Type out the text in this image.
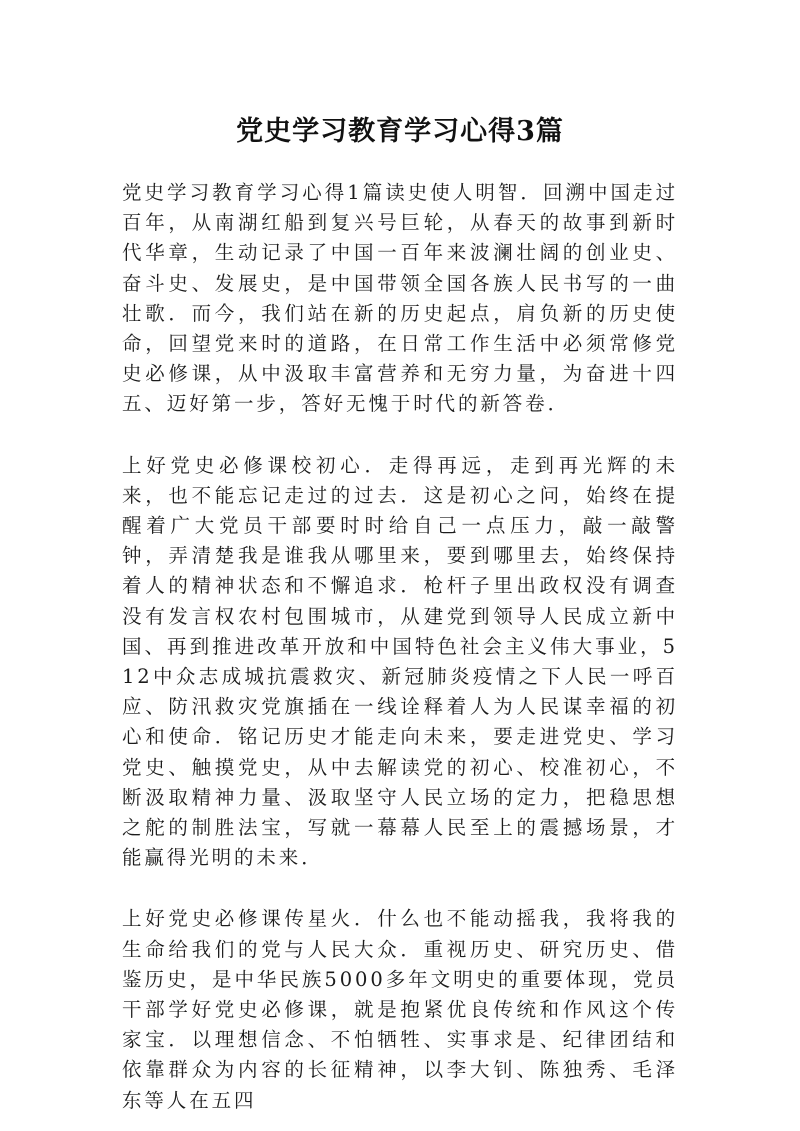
党史学习教育学习心得3篇

党史学习教育学习心得1篇读史使人明智．回溯中国走过百年，从南湖红船到复兴号巨轮，从春天的故事到新时代华章，生动记录了中国一百年来波澜壮阔的创业史、奋斗史、发展史，是中国带领全国各族人民书写的一曲壮歌．而今，我们站在新的历史起点，肩负新的历史使命，回望党来时的道路，在日常工作生活中必须常修党史必修课，从中汲取丰富营养和无穷力量，为奋进十四五、迈好第一步，答好无愧于时代的新答卷．

上好党史必修课校初心．走得再远，走到再光辉的未来，也不能忘记走过的过去．这是初心之问，始终在提醒着广大党员干部要时时给自己一点压力，敲一敲警钟，弄清楚我是谁我从哪里来，要到哪里去，始终保持着人的精神状态和不懈追求．枪杆子里出政权没有调查没有发言权农村包围城市，从建党到领导人民成立新中国、再到推进改革开放和中国特色社会主义伟大事业，512中众志成城抗震救灾、新冠肺炎疫情之下人民一呼百应、防汛救灾党旗插在一线诠释着人为人民谋幸福的初心和使命．铭记历史才能走向未来，要走进党史、学习党史、触摸党史，从中去解读党的初心、校准初心，不断汲取精神力量、汲取坚守人民立场的定力，把稳思想之舵的制胜法宝，写就一幕幕人民至上的震撼场景，才能赢得光明的未来．

上好党史必修课传星火．什么也不能动摇我，我将我的生命给我们的党与人民大众．重视历史、研究历史、借鉴历史，是中华民族5000多年文明史的重要体现，党员干部学好党史必修课，就是抱紧优良传统和作风这个传家宝．以理想信念、不怕牺牲、实事求是、纪律团结和依靠群众为内容的长征精神，以李大钊、陈独秀、毛泽东等人在五四
